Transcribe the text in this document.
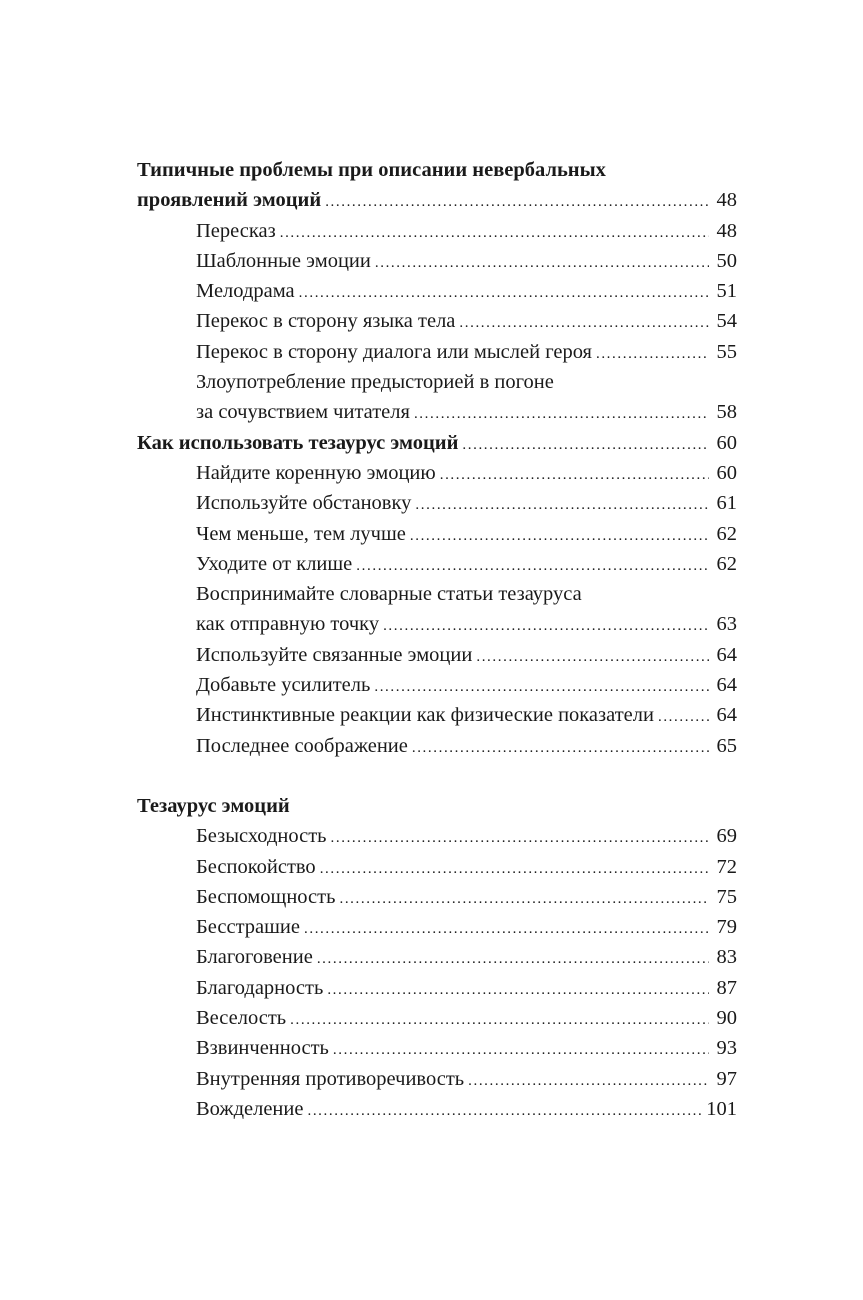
Типичные проблемы при описании невербальных
проявлений эмоций .....	48
Пересказ .....	48
Шаблонные эмоции .....	50
Мелодрама .....	51
Перекос в сторону языка тела .....	54
Перекос в сторону диалога или мыслей героя .....	55
Злоупотребление предысторией в погоне
за сочувствием читателя .....	58
Как использовать тезаурус эмоций .....	60
Найдите коренную эмоцию .....	60
Используйте обстановку .....	61
Чем меньше, тем лучше .....	62
Уходите от клише .....	62
Воспринимайте словарные статьи тезауруса
как отправную точку .....	63
Используйте связанные эмоции .....	64
Добавьте усилитель .....	64
Инстинктивные реакции как физические показатели .....	64
Последнее соображение .....	65
Тезаурус эмоций
Безысходность .....	69
Беспокойство .....	72
Беспомощность .....	75
Бесстрашие .....	79
Благоговение .....	83
Благодарность .....	87
Веселость .....	90
Взвинченность .....	93
Внутренняя противоречивость .....	97
Вожделение .....	101
